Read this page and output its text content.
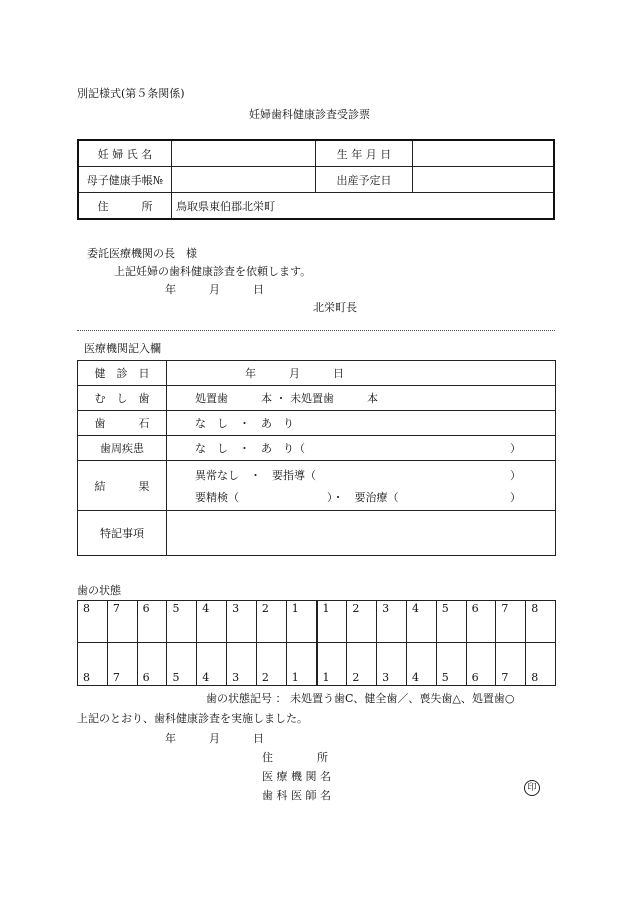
別記様式(第５条関係)
妊婦歯科健康診査受診票
妊 婦 氏 名		生 年 月 日	
母子健康手帳№		出産予定日	
住　　　所	鳥取県東伯郡北栄町		
委託医療機関の長　様
上記妊婦の歯科健康診査を依頼します。
年　　　月　　　日
北栄町長
医療機関記入欄
健　診　日	年　　　月　　　日
む　し　歯	処置歯　　　本 ・ 未処置歯　　　本
歯　　　石	な　し　・　あ　り
歯周疾患	な　し　・　あ　り（ ）

結　　　果	異常なし　・　要指導（ ）
要精検（　　　　　　　　）・　要治療（ ）

特記事項	
歯の状態
8	7	6	5	4	3	2	1	1	2	3	4	5	6	7	8
8	7	6	5	4	3	2	1	1	2	3	4	5	6	7	8
歯の状態記号 ： 未処置う歯C、健全歯／、喪失歯△、処置歯○
上記のとおり、歯科健康診査を実施しました。
年　　　月　　　日
住　　　　所
医 療 機 関 名
歯 科 医 師 名
印
